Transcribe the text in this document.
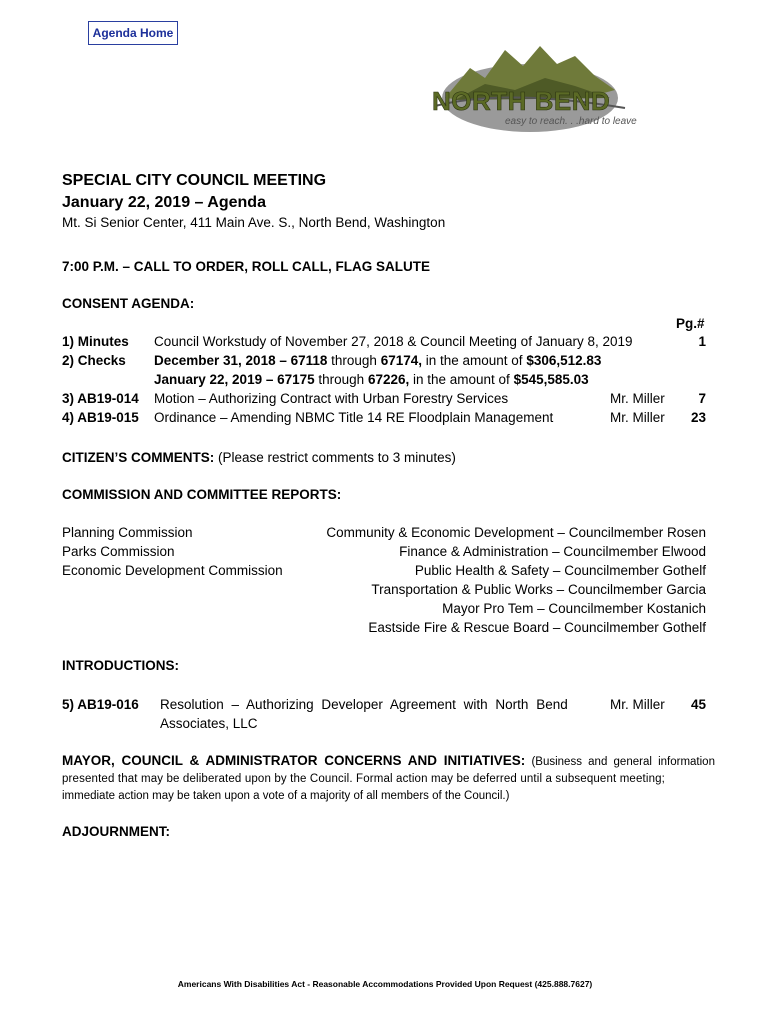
Agenda Home
NORTH BEND
easy to reach. . .hard to leave
SPECIAL CITY COUNCIL MEETING
January 22, 2019 – Agenda
Mt. Si Senior Center, 411 Main Ave. S., North Bend, Washington
7:00 P.M. – CALL TO ORDER, ROLL CALL, FLAG SALUTE
CONSENT AGENDA:
Pg.#
1) Minutes Council Workstudy of November 27, 2018 & Council Meeting of January 8, 2019	1
2) Checks December 31, 2018 – 67118 through 67174, in the amount of $306,512.83
January 22, 2019 – 67175 through 67226, in the amount of $545,585.03
3) AB19-014 Motion – Authorizing Contract with Urban Forestry Services	Mr. Miller	7
4) AB19-015 Ordinance – Amending NBMC Title 14 RE Floodplain Management	Mr. Miller	23
CITIZEN’S COMMENTS: (Please restrict comments to 3 minutes)
COMMISSION AND COMMITTEE REPORTS:
Planning Commission
Parks Commission
Economic Development Commission
Community & Economic Development – Councilmember Rosen
Finance & Administration – Councilmember Elwood
Public Health & Safety – Councilmember Gothelf
Transportation & Public Works – Councilmember Garcia
Mayor Pro Tem – Councilmember Kostanich
Eastside Fire & Rescue Board – Councilmember Gothelf
INTRODUCTIONS:
5) AB19-016 Resolution – Authorizing Developer Agreement with North Bend
Associates, LLC
Mr. Miller	45
MAYOR, COUNCIL & ADMINISTRATOR CONCERNS AND INITIATIVES: (Business and general information
presented that may be deliberated upon by the Council. Formal action may be deferred until a subsequent meeting;
immediate action may be taken upon a vote of a majority of all members of the Council.)
ADJOURNMENT:
Americans With Disabilities Act - Reasonable Accommodations Provided Upon Request (425.888.7627)
